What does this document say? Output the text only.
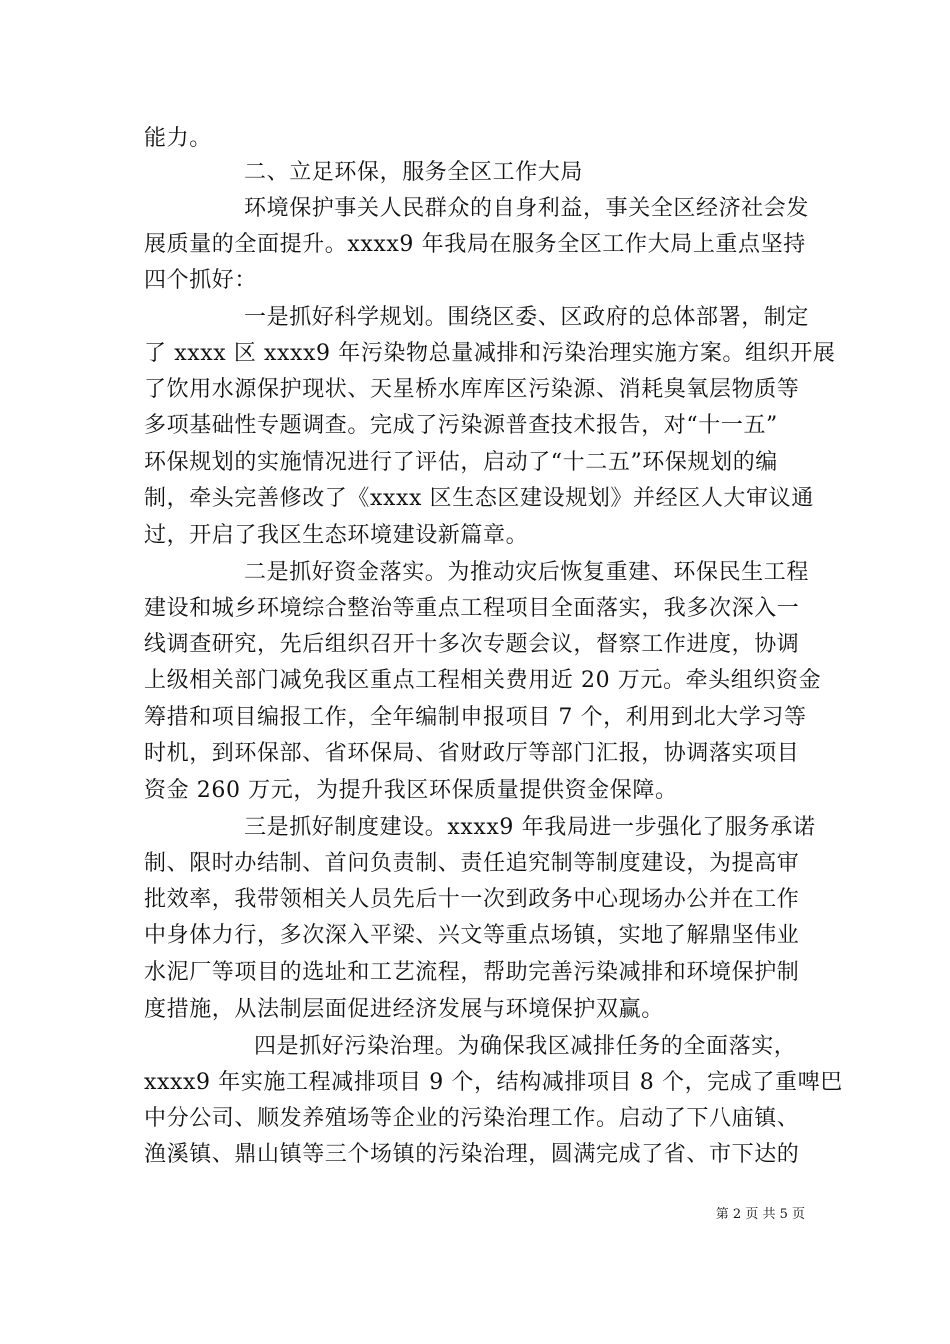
能力。
二、立足环保，服务全区工作大局
环境保护事关人民群众的自身利益，事关全区经济社会发
展质量的全面提升。xxxx9 年我局在服务全区工作大局上重点坚持
四个抓好：
一是抓好科学规划。围绕区委、区政府的总体部署，制定
了 xxxx 区 xxxx9 年污染物总量减排和污染治理实施方案。组织开展
了饮用水源保护现状、天星桥水库库区污染源、消耗臭氧层物质等
多项基础性专题调查。完成了污染源普查技术报告，对“十一五”
环保规划的实施情况进行了评估，启动了“十二五”环保规划的编
制，牵头完善修改了《xxxx 区生态区建设规划》并经区人大审议通
过，开启了我区生态环境建设新篇章。
二是抓好资金落实。为推动灾后恢复重建、环保民生工程
建设和城乡环境综合整治等重点工程项目全面落实，我多次深入一
线调查研究，先后组织召开十多次专题会议，督察工作进度，协调
上级相关部门减免我区重点工程相关费用近 20 万元。牵头组织资金
筹措和项目编报工作，全年编制申报项目 7 个，利用到北大学习等
时机，到环保部、省环保局、省财政厅等部门汇报，协调落实项目
资金 260 万元，为提升我区环保质量提供资金保障。
三是抓好制度建设。xxxx9 年我局进一步强化了服务承诺
制、限时办结制、首问负责制、责任追究制等制度建设，为提高审
批效率，我带领相关人员先后十一次到政务中心现场办公并在工作
中身体力行，多次深入平梁、兴文等重点场镇，实地了解鼎坚伟业
水泥厂等项目的选址和工艺流程，帮助完善污染减排和环境保护制
度措施，从法制层面促进经济发展与环境保护双赢。
四是抓好污染治理。为确保我区减排任务的全面落实，
xxxx9 年实施工程减排项目 9 个，结构减排项目 8 个，完成了重啤巴
中分公司、顺发养殖场等企业的污染治理工作。启动了下八庙镇、
渔溪镇、鼎山镇等三个场镇的污染治理，圆满完成了省、市下达的
第 2 页 共 5 页
